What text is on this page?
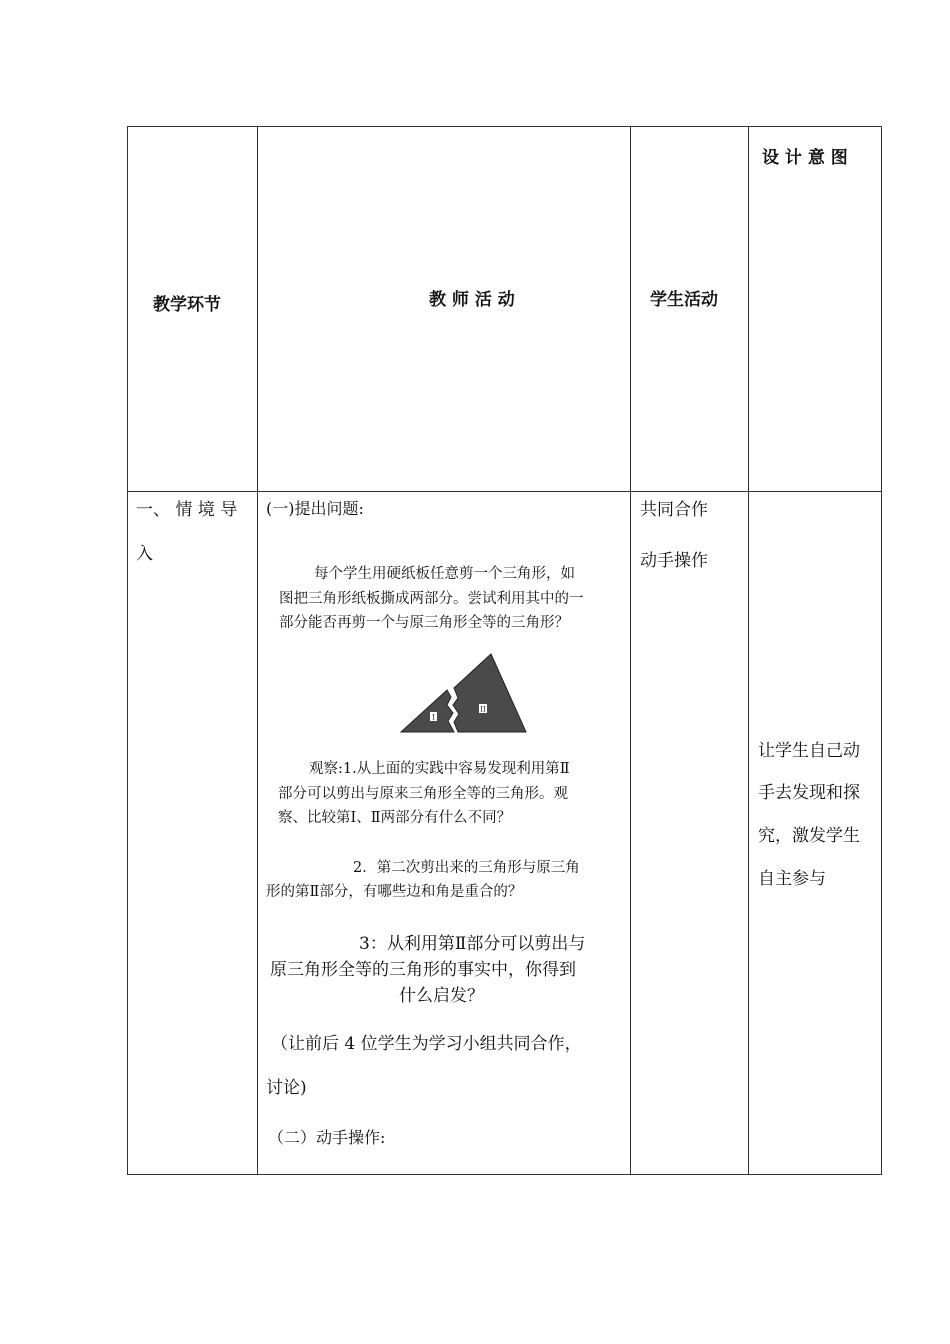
教学环节	教 师 活 动	学生活动
设 计 意 图
一、 情 境 导
入
(一)提出问题:
每个学生用硬纸板任意剪一个三角形，如
图把三角形纸板撕成两部分。尝试利用其中的一
部分能否再剪一个与原三角形全等的三角形？
I
II
观察:1.从上面的实践中容易发现利用第Ⅱ
部分可以剪出与原来三角形全等的三角形。观
察、比较第Ⅰ、Ⅱ两部分有什么不同？
2．第二次剪出来的三角形与原三角
形的第Ⅱ部分，有哪些边和角是重合的？
3：从利用第Ⅱ部分可以剪出与
原三角形全等的三角形的事实中，你得到
什么启发？
（让前后 4 位学生为学习小组共同合作，
讨论)
（二）动手操作:
共同合作
动手操作
让学生自己动
手去发现和探
究，激发学生
自主参与
